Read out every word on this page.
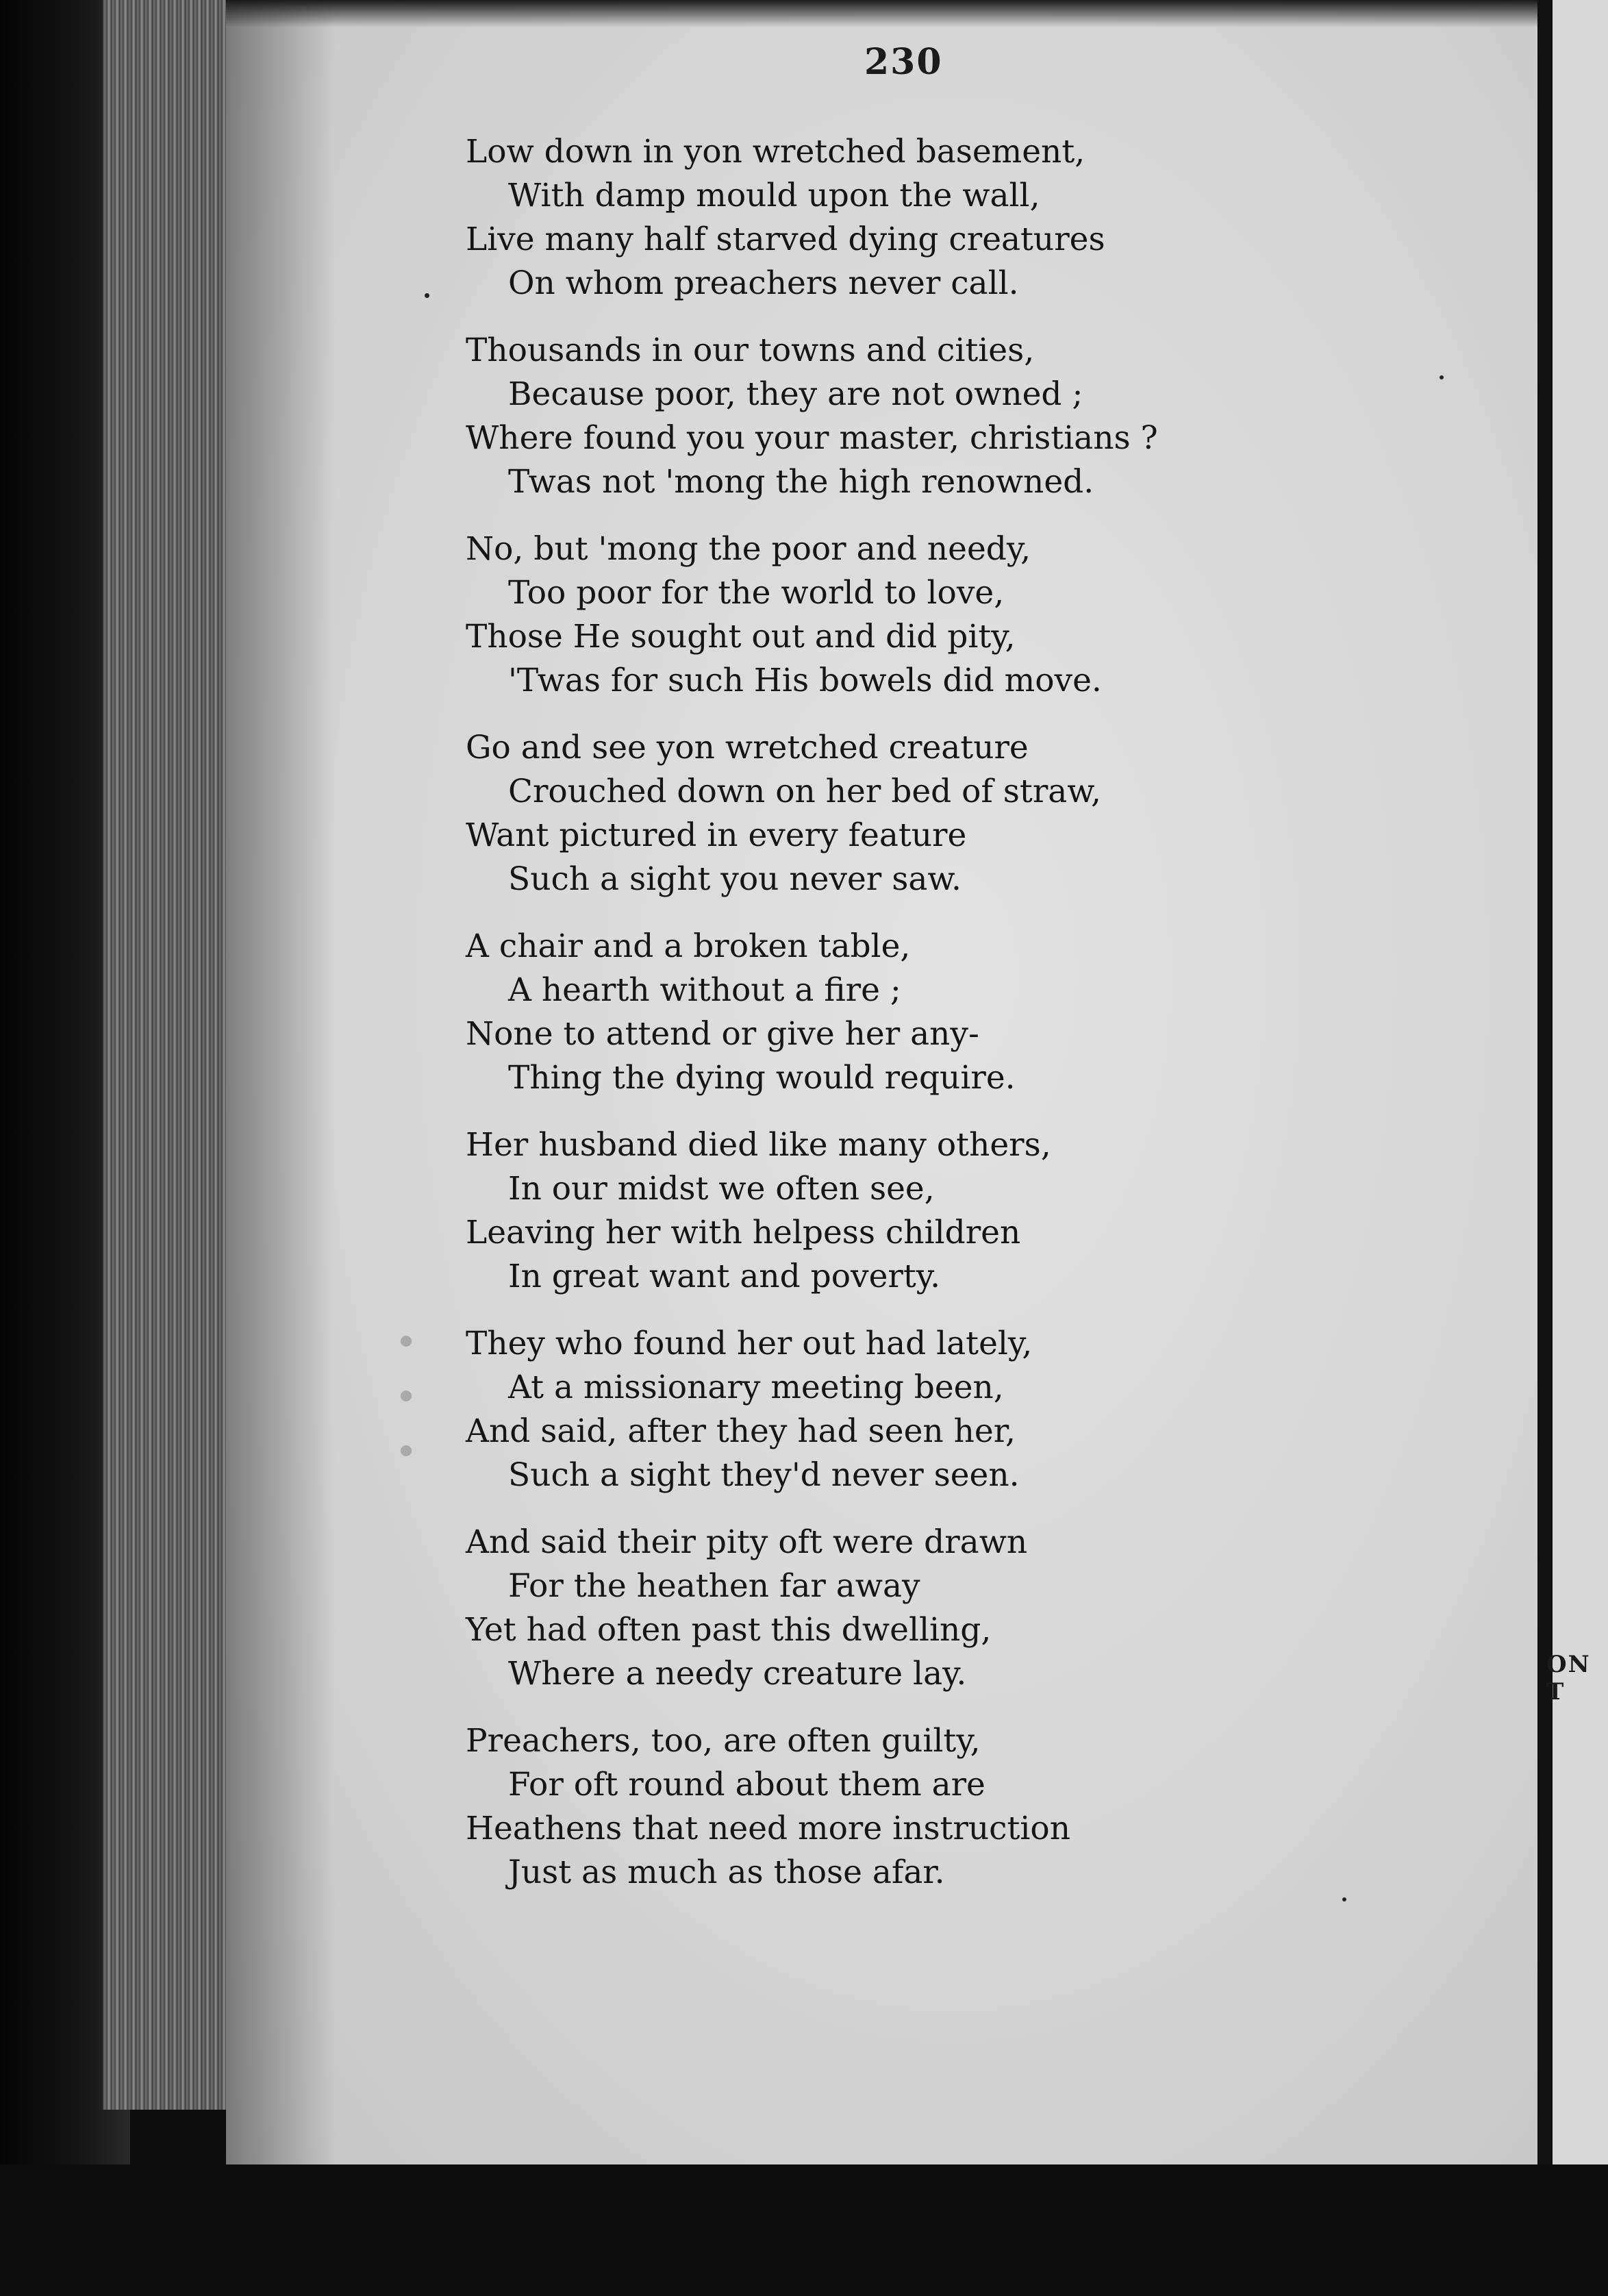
230
Low down in yon wretched basement,
With damp mould upon the wall,
Live many half starved dying creatures
On whom preachers never call.
Thousands in our towns and cities,
Because poor, they are not owned ;
Where found you your master, christians ?
Twas not 'mong the high renowned.
No, but 'mong the poor and needy,
Too poor for the world to love,
Those He sought out and did pity,
'Twas for such His bowels did move.
Go and see yon wretched creature
Crouched down on her bed of straw,
Want pictured in every feature
Such a sight you never saw.
A chair and a broken table,
A hearth without a fire ;
None to attend or give her any-
Thing the dying would require.
Her husband died like many others,
In our midst we often see,
Leaving her with helpess children
In great want and poverty.
They who found her out had lately,
At a missionary meeting been,
And said, after they had seen her,
Such a sight they'd never seen.
And said their pity oft were drawn
For the heathen far away
Yet had often past this dwelling,
Where a needy creature lay.
Preachers, too, are often guilty,
For oft round about them are
Heathens that need more instruction
Just as much as those afar.
ON T
